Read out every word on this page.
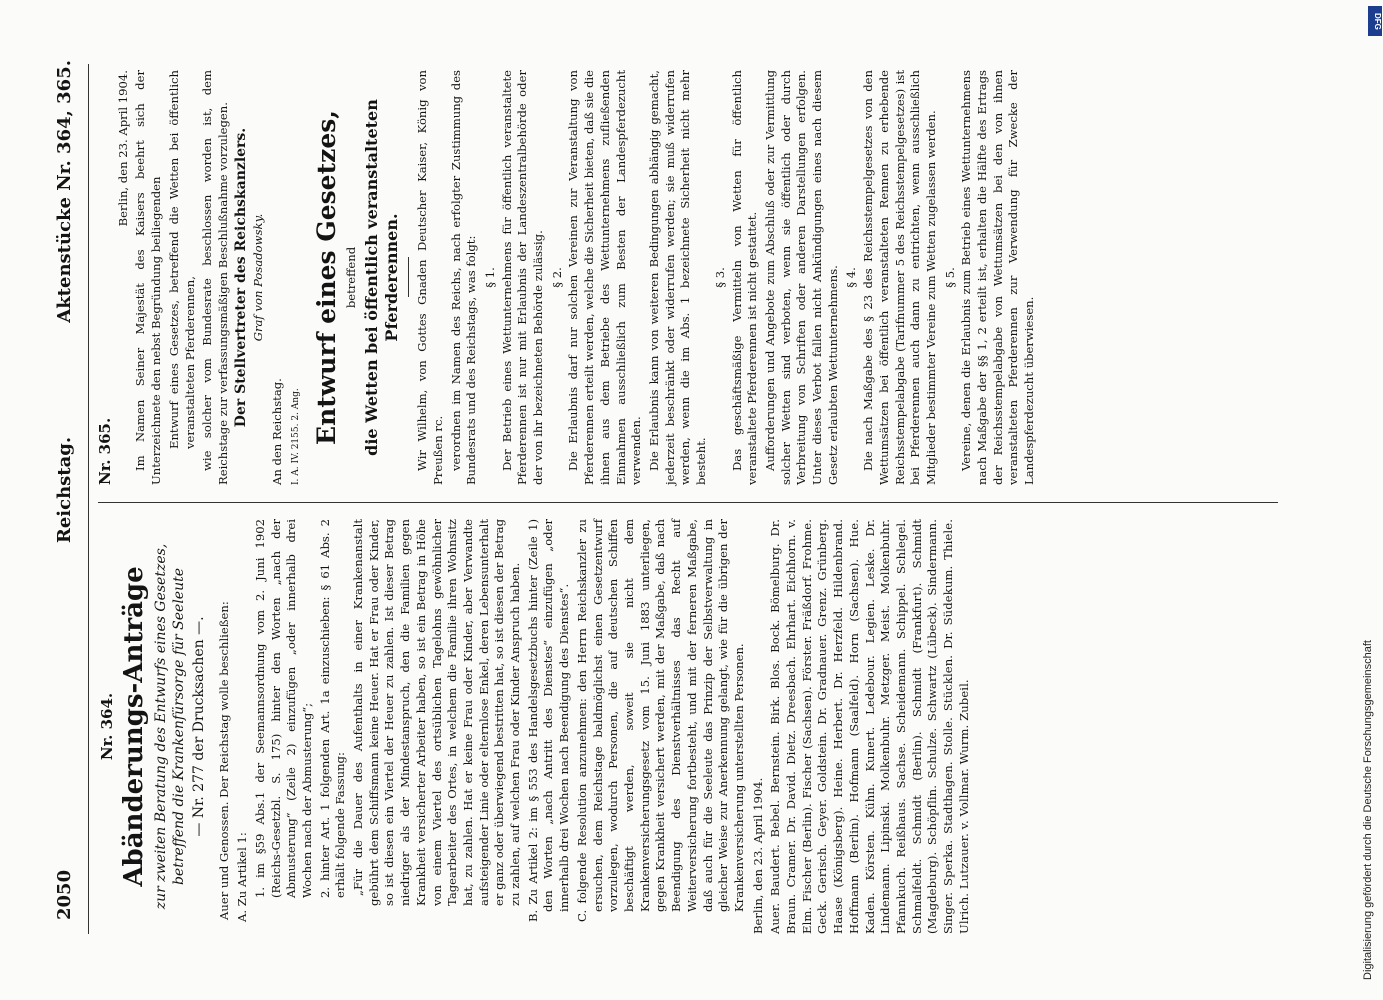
2050
Reichstag.
Aktenstücke Nr. 364, 365.
Nr. 364. Abänderungs-Anträge zur zweiten Beratung des Entwurfs eines Gesetzes, betreffend die Krankenfürsorge für Seeleute — Nr. 277 der Drucksachen —. Auer und Genossen. Der Reichstag wolle beschließen: A. Zu Artikel 1: 1. im §59 Abs.1 der Seemannsordnung vom 2. Juni 1902 (Reichs-Gesetzbl. S. 175) hinter den Worten „nach der Abmusterung“ (Zeile 2) einzufügen „oder innerhalb drei Wochen nach der Abmusterung“; 2. hinter Art. 1 folgenden Art. 1a einzuschieben: § 61 Abs. 2 erhält folgende Fassung: „Für die Dauer des Aufenthalts in einer Krankenanstalt gebührt dem Schiffsmann keine Heuer. Hat er Frau oder Kinder, so ist diesen ein Viertel der Heuer zu zahlen. Ist dieser Betrag niedriger als der Mindestanspruch, den die Familien gegen Krankheit versicherter Arbeiter haben, so ist ein Betrag in Höhe von einem Viertel des ortsüblichen Tagelohns gewöhnlicher Tagearbeiter des Ortes, in welchem die Familie ihren Wohnsitz hat, zu zahlen. Hat er keine Frau oder Kinder, aber Verwandte aufsteigender Linie oder elternlose Enkel, deren Lebensunterhalt er ganz oder überwiegend bestritten hat, so ist diesen der Betrag zu zahlen, auf welchen Frau oder Kinder Anspruch haben. B. Zu Artikel 2: im § 553 des Handelsgesetzbuchs hinter (Zeile 1) den Worten „nach Antritt des Dienstes“ einzufügen „oder innerhalb drei Wochen nach Beendigung des Dienstes“. C. folgende Resolution anzunehmen: den Herrn Reichskanzler zu ersuchen, dem Reichstage baldmöglichst einen Gesetzentwurf vorzulegen, wodurch Personen, die auf deutschen Schiffen beschäftigt werden, soweit sie nicht dem Krankenversicherungsgesetz vom 15. Juni 1883 unterliegen, gegen Krankheit versichert werden, mit der Maßgabe, daß nach Beendigung des Dienstverhältnisses das Recht auf Weiterversicherung fortbesteht, und mit der ferneren Maßgabe, daß auch für die Seeleute das Prinzip der Selbstverwaltung in gleicher Weise zur Anerkennung gelangt, wie für die übrigen der Krankenversicherung unterstellten Personen. Berlin, den 23. April 1904. Auer. Baudert. Bebel. Bernstein. Birk. Blos. Bock. Bömelburg. Dr. Braun. Cramer. Dr. David. Dietz. Dreesbach. Ehrhart. Eichhorn. v. Elm. Fischer (Berlin). Fischer (Sachsen). Förster. Fräßdorf. Frohme. Geck. Gerisch. Geyer. Goldstein. Dr. Gradnauer. Grenz. Grünberg. Haase (Königsberg). Heine. Herbert. Dr. Herzfeld. Hildenbrand. Hoffmann (Berlin). Hofmann (Saalfeld). Horn (Sachsen). Hue. Kaden. Körsten. Kühn. Kunert. Ledebour. Legien. Leske. Dr. Lindemann. Lipinski. Molkenbuhr. Metzger. Meist. Molkenbuhr. Pfannkuch. Reißhaus. Sachse. Scheidemann. Schippel. Schlegel. Schmalfeldt. Schmidt (Berlin). Schmidt (Frankfurt). Schmidt (Magdeburg). Schöpflin. Schulze. Schwartz (Lübeck). Sindermann. Singer. Sperka. Stadthagen. Stolle. Stücklen. Dr. Südekum. Thiele. Ulrich. Lutzauer. v. Vollmar. Wurm. Zubeil.

Nr. 365.

Berlin, den 23. April 1904. Im Namen Seiner Majestät des Kaisers beehrt sich der Unterzeichnete den nebst Begründung beiliegenden Entwurf eines Gesetzes, betreffend die Wetten bei öffentlich veranstalteten Pferderennen, wie solcher vom Bundesrate beschlossen worden ist, dem Reichstage zur verfassungsmäßigen Beschlußnahme vorzulegen. Der Stellvertreter des Reichskanzlers. Graf von Posadowsky.

An den Reichstag. I. A. IV. 2155. 2. Ang. Entwurf eines Gesetzes, betreffend die Wetten bei öffentlich veranstalteten Pferderennen. Wir Wilhelm, von Gottes Gnaden Deutscher Kaiser, König von Preußen rc. verordnen im Namen des Reichs, nach erfolgter Zustimmung des Bundesrats und des Reichstags, was folgt: § 1. Der Betrieb eines Wettunternehmens für öffentlich veranstaltete Pferderennen ist nur mit Erlaubnis der Landeszentralbehörde oder der von ihr bezeichneten Behörde zulässig. § 2. Die Erlaubnis darf nur solchen Vereinen zur Veranstaltung von Pferderennen erteilt werden, welche die Sicherheit bieten, daß sie die ihnen aus dem Betriebe des Wettunternehmens zufließenden Einnahmen ausschließlich zum Besten der Landespferdezucht verwenden. Die Erlaubnis kann von weiteren Bedingungen abhängig gemacht, jederzeit beschränkt oder widerrufen werden; sie muß widerrufen werden, wenn die im Abs. 1 bezeichnete Sicherheit nicht mehr besteht.

§ 3. Das geschäftsmäßige Vermitteln von Wetten für öffentlich veranstaltete Pferderennen ist nicht gestattet. Aufforderungen und Angebote zum Abschluß oder zur Vermittlung solcher Wetten sind verboten, wenn sie öffentlich oder durch Verbreitung von Schriften oder anderen Darstellungen erfolgen. Unter dieses Verbot fallen nicht Ankündigungen eines nach diesem Gesetz erlaubten Wettunternehmens. § 4. Die nach Maßgabe des § 23 des Reichsstempelgesetzes von den Wettumsätzen bei öffentlich veranstalteten Rennen zu erhebende Reichsstempelabgabe (Tarifnummer 5 des Reichsstempelgesetzes) ist bei Pferderennen auch dann zu entrichten, wenn ausschließlich Mitglieder bestimmter Vereine zum Wetten zugelassen werden. § 5. Vereine, denen die Erlaubnis zum Betrieb eines Wettunternehmens nach Maßgabe der §§ 1, 2 erteilt ist, erhalten die Hälfte des Ertrags der Reichsstempelabgabe von Wettumsätzen bei den von ihnen veranstalteten Pferderennen zur Verwendung für Zwecke der Landespferdezucht überwiesen.

DFG
Digitalisierung gefördert durch die Deutsche Forschungsgemeinschaft
